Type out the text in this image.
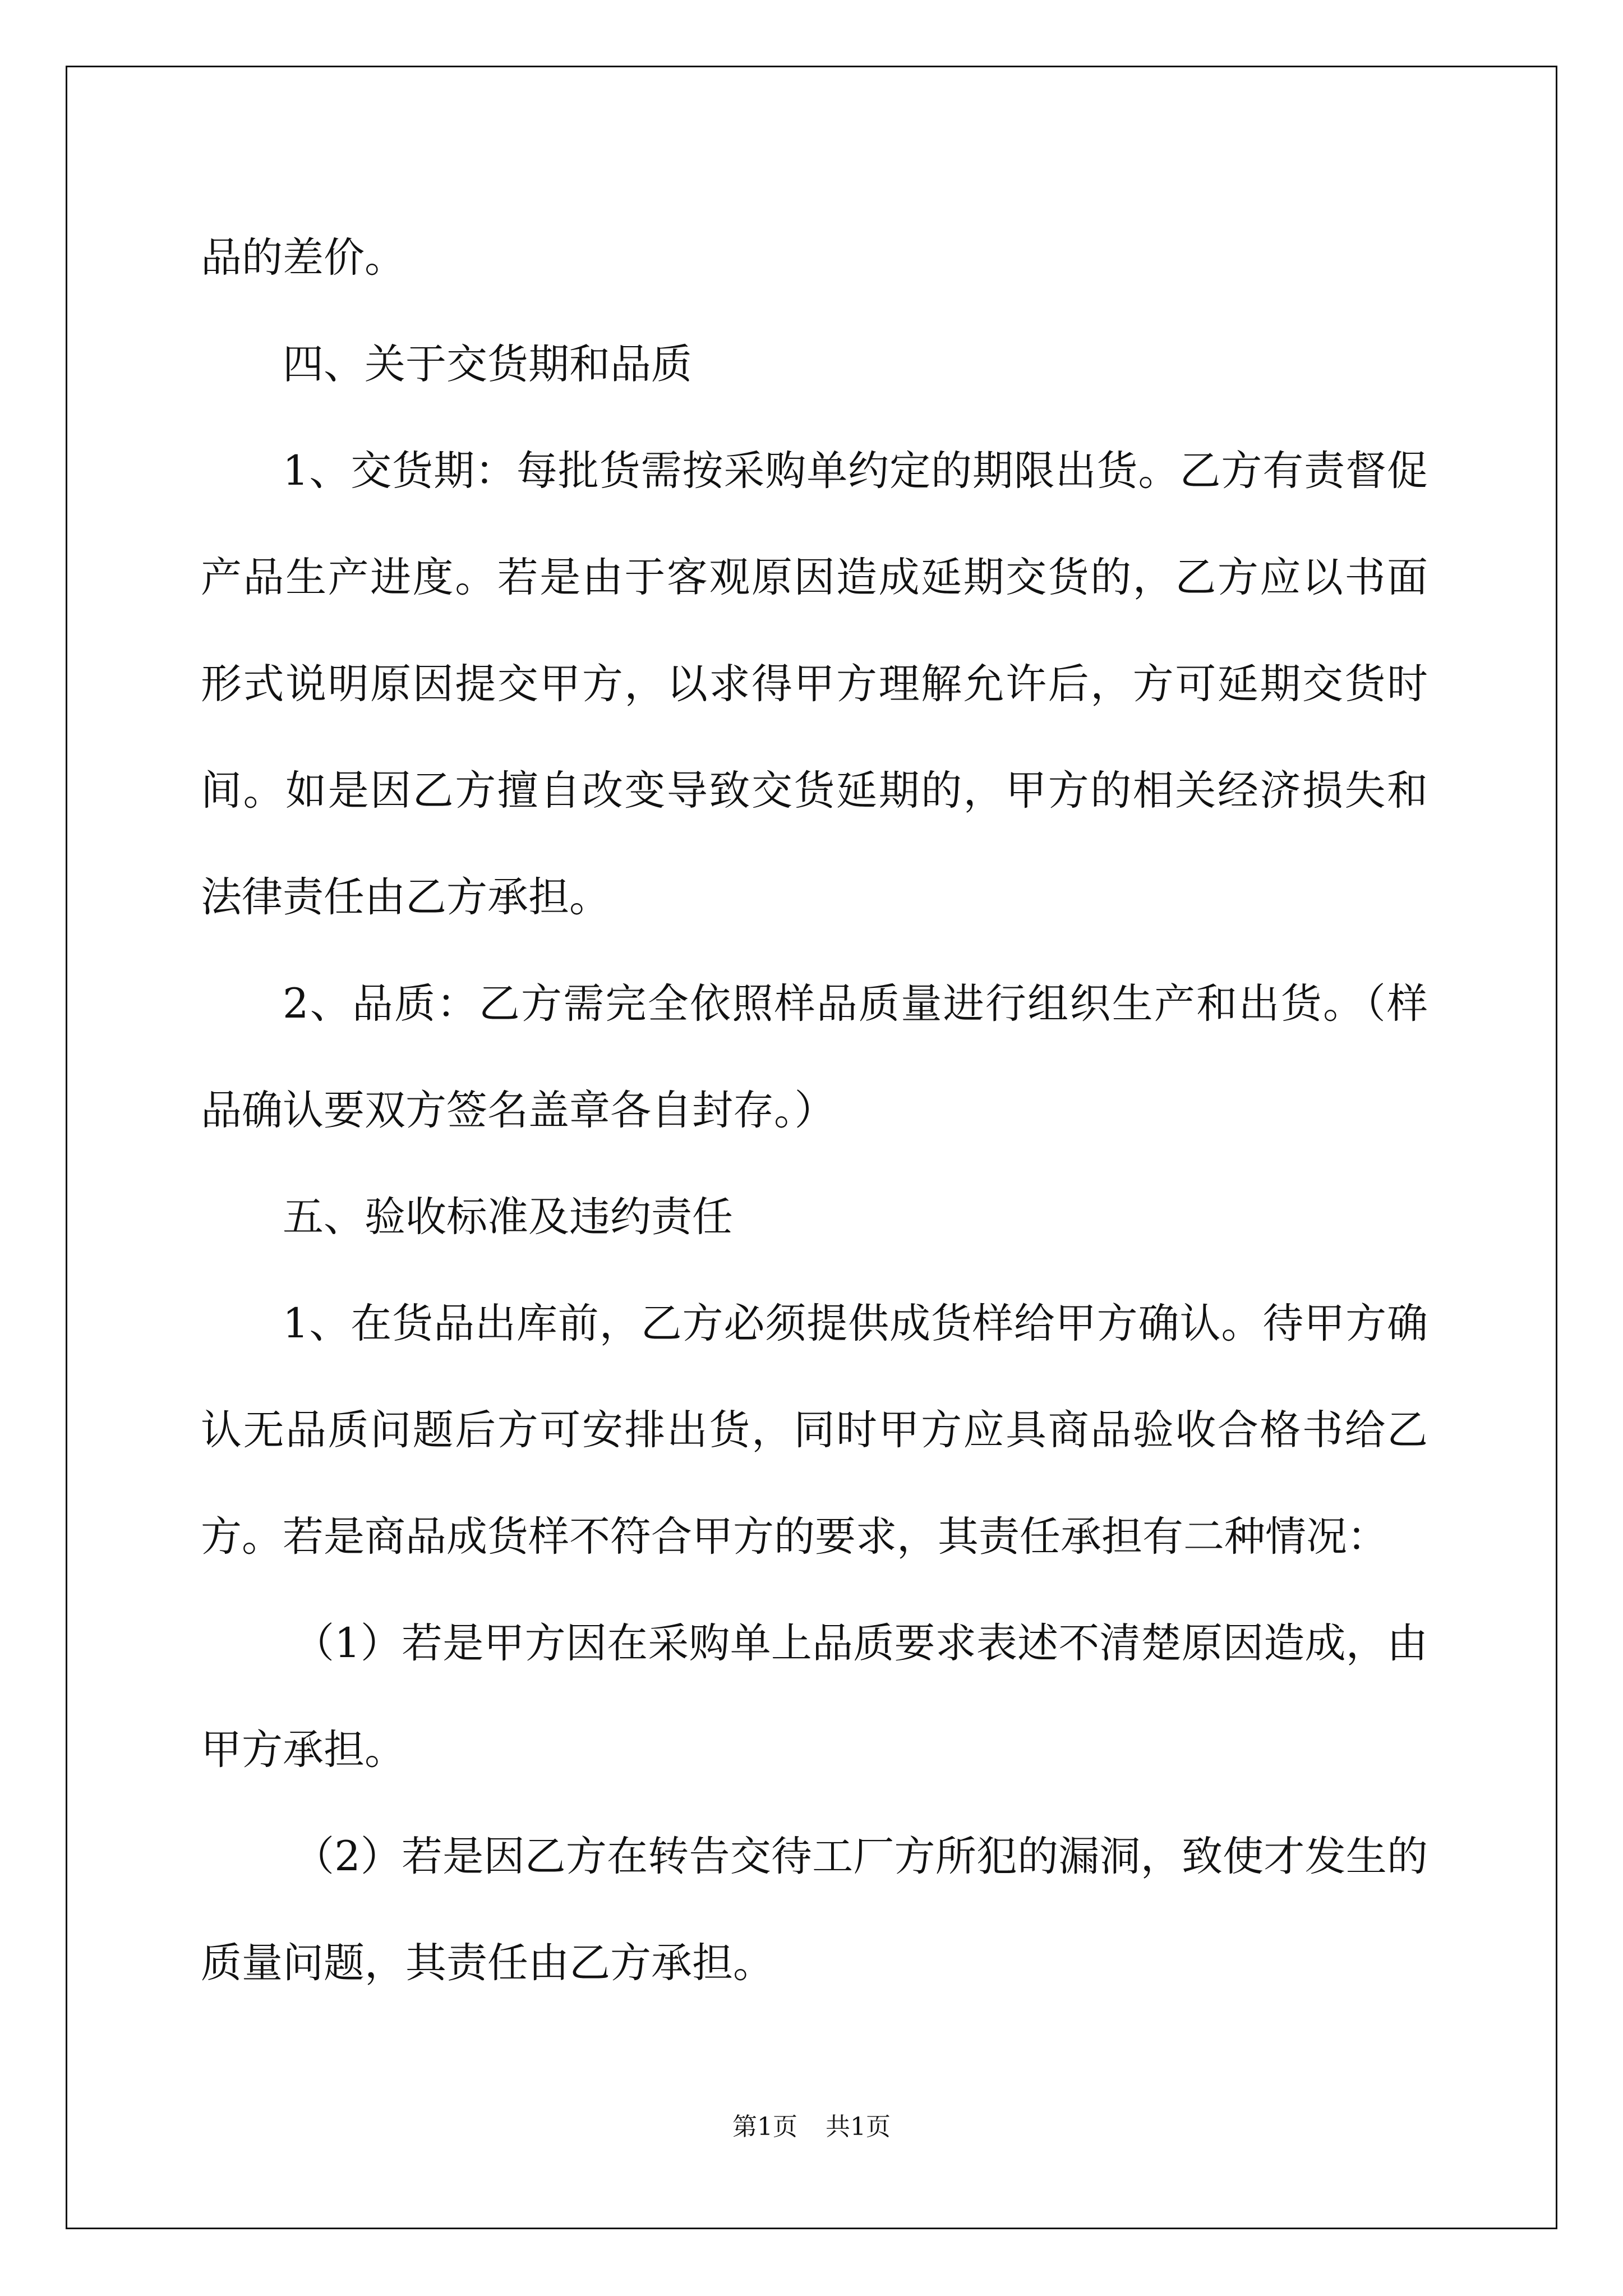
品的差价。

四、关于交货期和品质

1、交货期：每批货需按采购单约定的期限出货。乙方有责督促产品生产进度。若是由于客观原因造成延期交货的，乙方应以书面形式说明原因提交甲方，以求得甲方理解允许后，方可延期交货时间。如是因乙方擅自改变导致交货延期的，甲方的相关经济损失和法律责任由乙方承担。

2、品质：乙方需完全依照样品质量进行组织生产和出货。（样品确认要双方签名盖章各自封存。）

五、验收标准及违约责任

1、在货品出库前，乙方必须提供成货样给甲方确认。待甲方确认无品质问题后方可安排出货，同时甲方应具商品验收合格书给乙方。若是商品成货样不符合甲方的要求，其责任承担有二种情况：

（1）若是甲方因在采购单上品质要求表述不清楚原因造成，由甲方承担。

（2）若是因乙方在转告交待工厂方所犯的漏洞，致使才发生的质量问题，其责任由乙方承担。

第1页 共1页
